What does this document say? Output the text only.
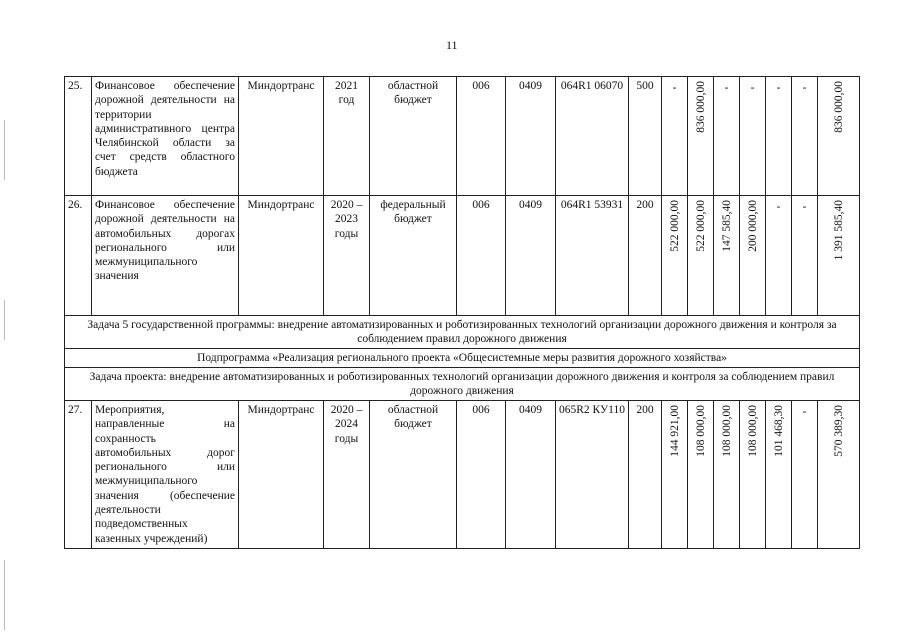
11
25.	Финансовое обеспечение дорожной деятельности на территории административного центра Челябинской области за счет средств областного бюджета	Миндортранс	2021 год	областной бюджет	006	0409	064R1 06070	500	-	836 000,00	-	-	-	-	836 000,00

26.	Финансовое обеспечение дорожной деятельности на автомобильных дорогах регионального или межмуниципального значения	Миндортранс	2020 – 2023 годы	федеральный бюджет	006	0409	064R1 53931	200	522 000,00	522 000,00	147 585,40	200 000,00	-	-	1 391 585,40

Задача 5 государственной программы: внедрение автоматизированных и роботизированных технологий организации дорожного движения и контроля за соблюдением правил дорожного движения															
Подпрограмма «Реализация регионального проекта «Общесистемные меры развития дорожного хозяйства»															
Задача проекта: внедрение автоматизированных и роботизированных технологий организации дорожного движения и контроля за соблюдением правил дорожного движения															
27.	Мероприятия, направленные на сохранность автомобильных дорог регионального или межмуниципального значения (обеспечение деятельности подведомственных казенных учреждений)	Миндортранс	2020 – 2024 годы	областной бюджет	006	0409	065R2 КУ110	200	144 921,00	108 000,00	108 000,00	108 000,00	101 468,30	-	570 389,30
